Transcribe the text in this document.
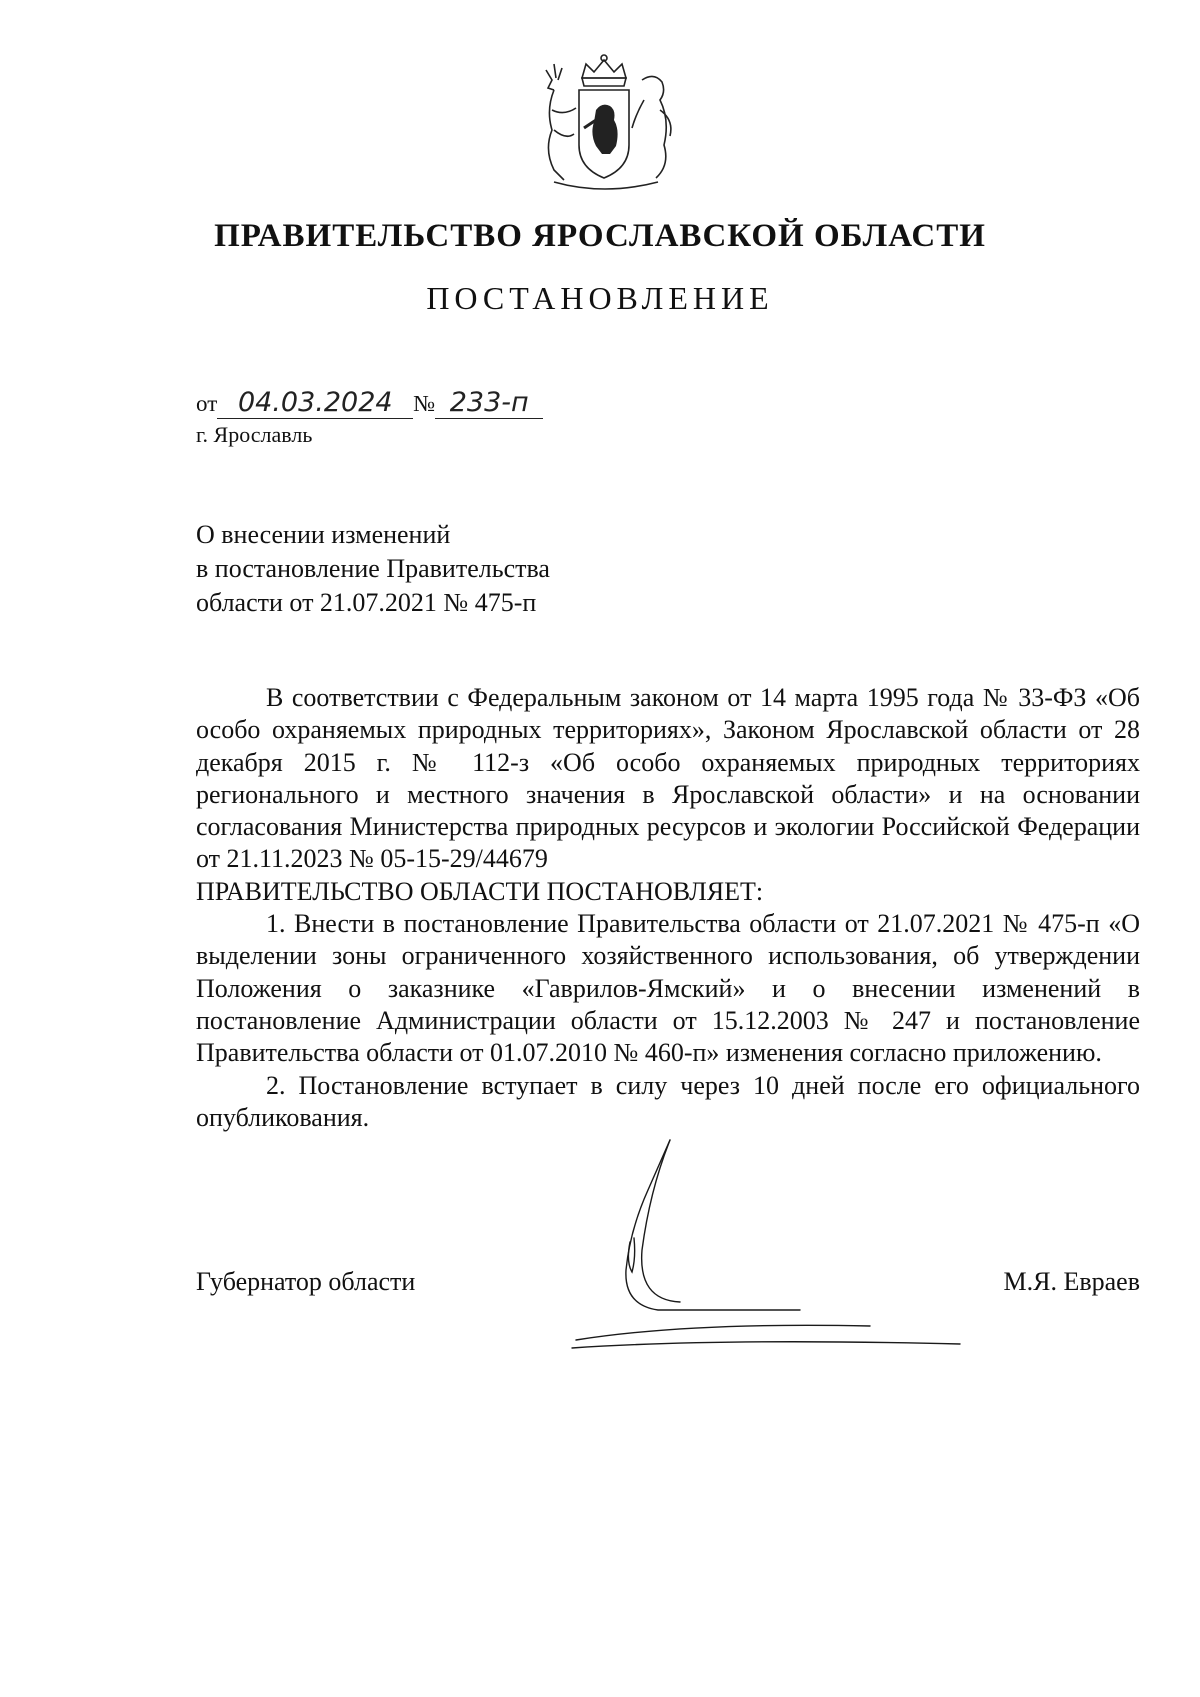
ПРАВИТЕЛЬСТВО ЯРОСЛАВСКОЙ ОБЛАСТИ
ПОСТАНОВЛЕНИЕ
от 04.03.2024 № 233-п
г. Ярославль
О внесении изменений
в постановление Правительства
области от 21.07.2021 № 475-п

В соответствии с Федеральным законом от 14 марта 1995 года № 33-ФЗ «Об особо охраняемых природных территориях», Законом Ярославской области от 28 декабря 2015 г. № 112-з «Об особо охраняемых природных территориях регионального и местного значения в Ярославской области» и на основании согласования Министерства природных ресурсов и экологии Российской Федерации от 21.11.2023 № 05-15-29/44679

ПРАВИТЕЛЬСТВО ОБЛАСТИ ПОСТАНОВЛЯЕТ:

1. Внести в постановление Правительства области от 21.07.2021 № 475-п «О выделении зоны ограниченного хозяйственного использования, об утверждении Положения о заказнике «Гаврилов-Ямский» и о внесении изменений в постановление Администрации области от 15.12.2003 № 247 и постановление Правительства области от 01.07.2010 № 460-п» изменения согласно приложению.

2. Постановление вступает в силу через 10 дней после его официального опубликования.

Губернатор области	М.Я. Евраев
